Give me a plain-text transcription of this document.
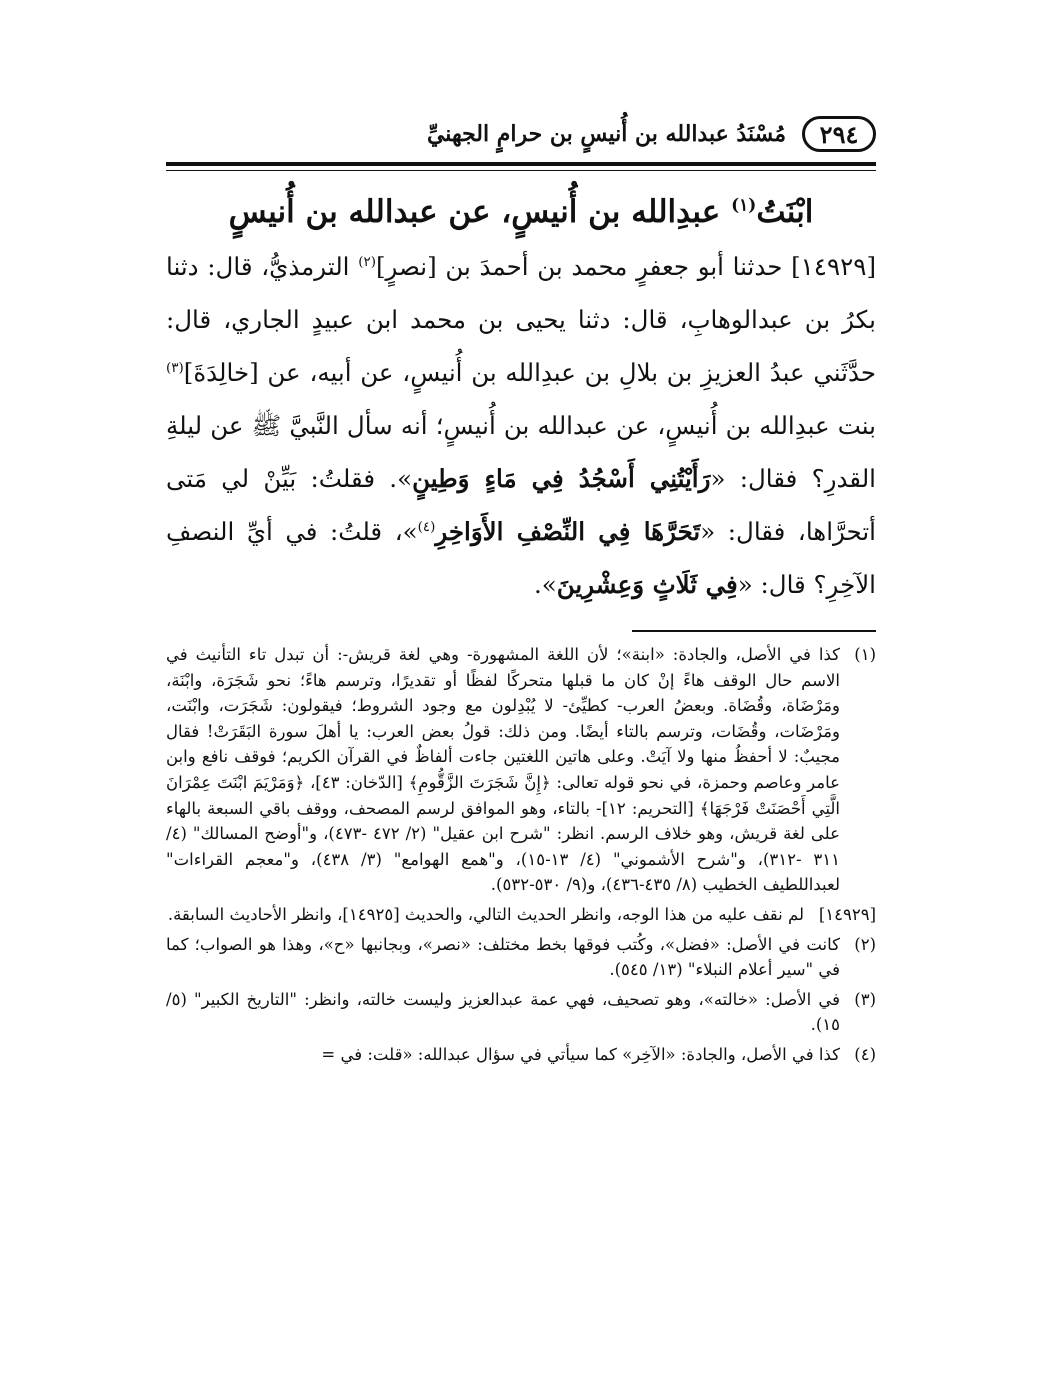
٢٩٤
مُسْنَدُ عبدالله بن أُنيسٍ بن حرامٍ الجهنيِّ
ابْنَتُ$^{(١)}$ عبدِالله بن أُنيسٍ، عن عبدالله بن أُنيسٍ

[١٤٩٢٩] حدثنا أبو جعفرٍ محمد بن أحمدَ بن [نصرٍ]$^{(٢)}$ الترمذيُّ، قال: دثنا بكرُ بن عبدالوهابِ، قال: دثنا يحيى بن محمد ابن عبيدٍ الجاري، قال: حدَّثَني عبدُ العزيزِ بن بلالِ بن عبدِالله بن أُنيسٍ، عن أبيه، عن [خالِدَةَ]$^{(٣)}$ بنت عبدِالله بن أُنيسٍ، عن عبدالله بن أُنيسٍ؛ أنه سأل النَّبيَّ ﷺ عن ليلةِ القدرِ؟ فقال: «رَأَيْتُنِي أَسْجُدُ فِي مَاءٍ وَطِينٍ». فقلتُ: بَيِّنْ لي مَتى أتحرَّاها، فقال: «تَحَرَّهَا فِي النِّصْفِ الأَوَاخِرِ$^{(٤)}$»، قلتُ: في أيِّ النصفِ الآخِرِ؟ قال: «فِي ثَلَاثٍ وَعِشْرِينَ».

(١)
كذا في الأصل، والجادة: «ابنة»؛ لأن اللغة المشهورة- وهي لغة قريش-: أن تبدل تاء التأنيث في الاسم حال الوقف هاءً إنْ كان ما قبلها متحركًا لفظًا أو تقديرًا، وترسم هاءً؛ نحو شَجَرَة، وابْنَة، ومَرْضَاة، وقُضَاة. وبعضُ العرب- كطيِّئ- لا يُبْدِلون مع وجود الشروط؛ فيقولون: شَجَرَت، وابْنَت، ومَرْضَات، وقُضَات، وترسم بالتاء أيضًا. ومن ذلك: قولُ بعض العرب: يا أهلَ سورة البَقَرَتْ! فقال مجيبٌ: لا أحفظُ منها ولا آيَتْ. وعلى هاتين اللغتين جاءت ألفاظٌ في القرآن الكريم؛ فوقف نافع وابن عامر وعاصم وحمزة، في نحو قوله تعالى: ﴿إِنَّ شَجَرَتَ الزَّقُّومِ﴾ [الدّخان: ٤٣]، ﴿وَمَرْيَمَ ابْنَتَ عِمْرَانَ الَّتِي أَحْصَنَتْ فَرْجَهَا﴾ [التحريم: ١٢]- بالتاء، وهو الموافق لرسم المصحف، ووقف باقي السبعة بالهاء على لغة قريش، وهو خلاف الرسم. انظر: "شرح ابن عقيل" (٢/ ٤٧٢ -٤٧٣)، و"أوضح المسالك" (٤/ ٣١١ -٣١٢)، و"شرح الأشموني" (٤/ ١٣-١٥)، و"همع الهوامع" (٣/ ٤٣٨)، و"معجم القراءات" لعبداللطيف الخطيب (٨/ ٤٣٥-٤٣٦)، و(٩/ ٥٣٠-٥٣٢).
[١٤٩٢٩]
لم نقف عليه من هذا الوجه، وانظر الحديث التالي، والحديث [١٤٩٢٥]، وانظر الأحاديث السابقة.
(٢)
كانت في الأصل: «فضل»، وكُتب فوقها بخط مختلف: «نصر»، وبجانبها «ح»، وهذا هو الصواب؛ كما في "سير أعلام النبلاء" (١٣/ ٥٤٥).
(٣)
في الأصل: «خالته»، وهو تصحيف، فهي عمة عبدالعزيز وليست خالته، وانظر: "التاريخ الكبير" (٥/ ١٥).
(٤)
كذا في الأصل، والجادة: «الآخِر» كما سيأتي في سؤال عبدالله: «قلت: في =
